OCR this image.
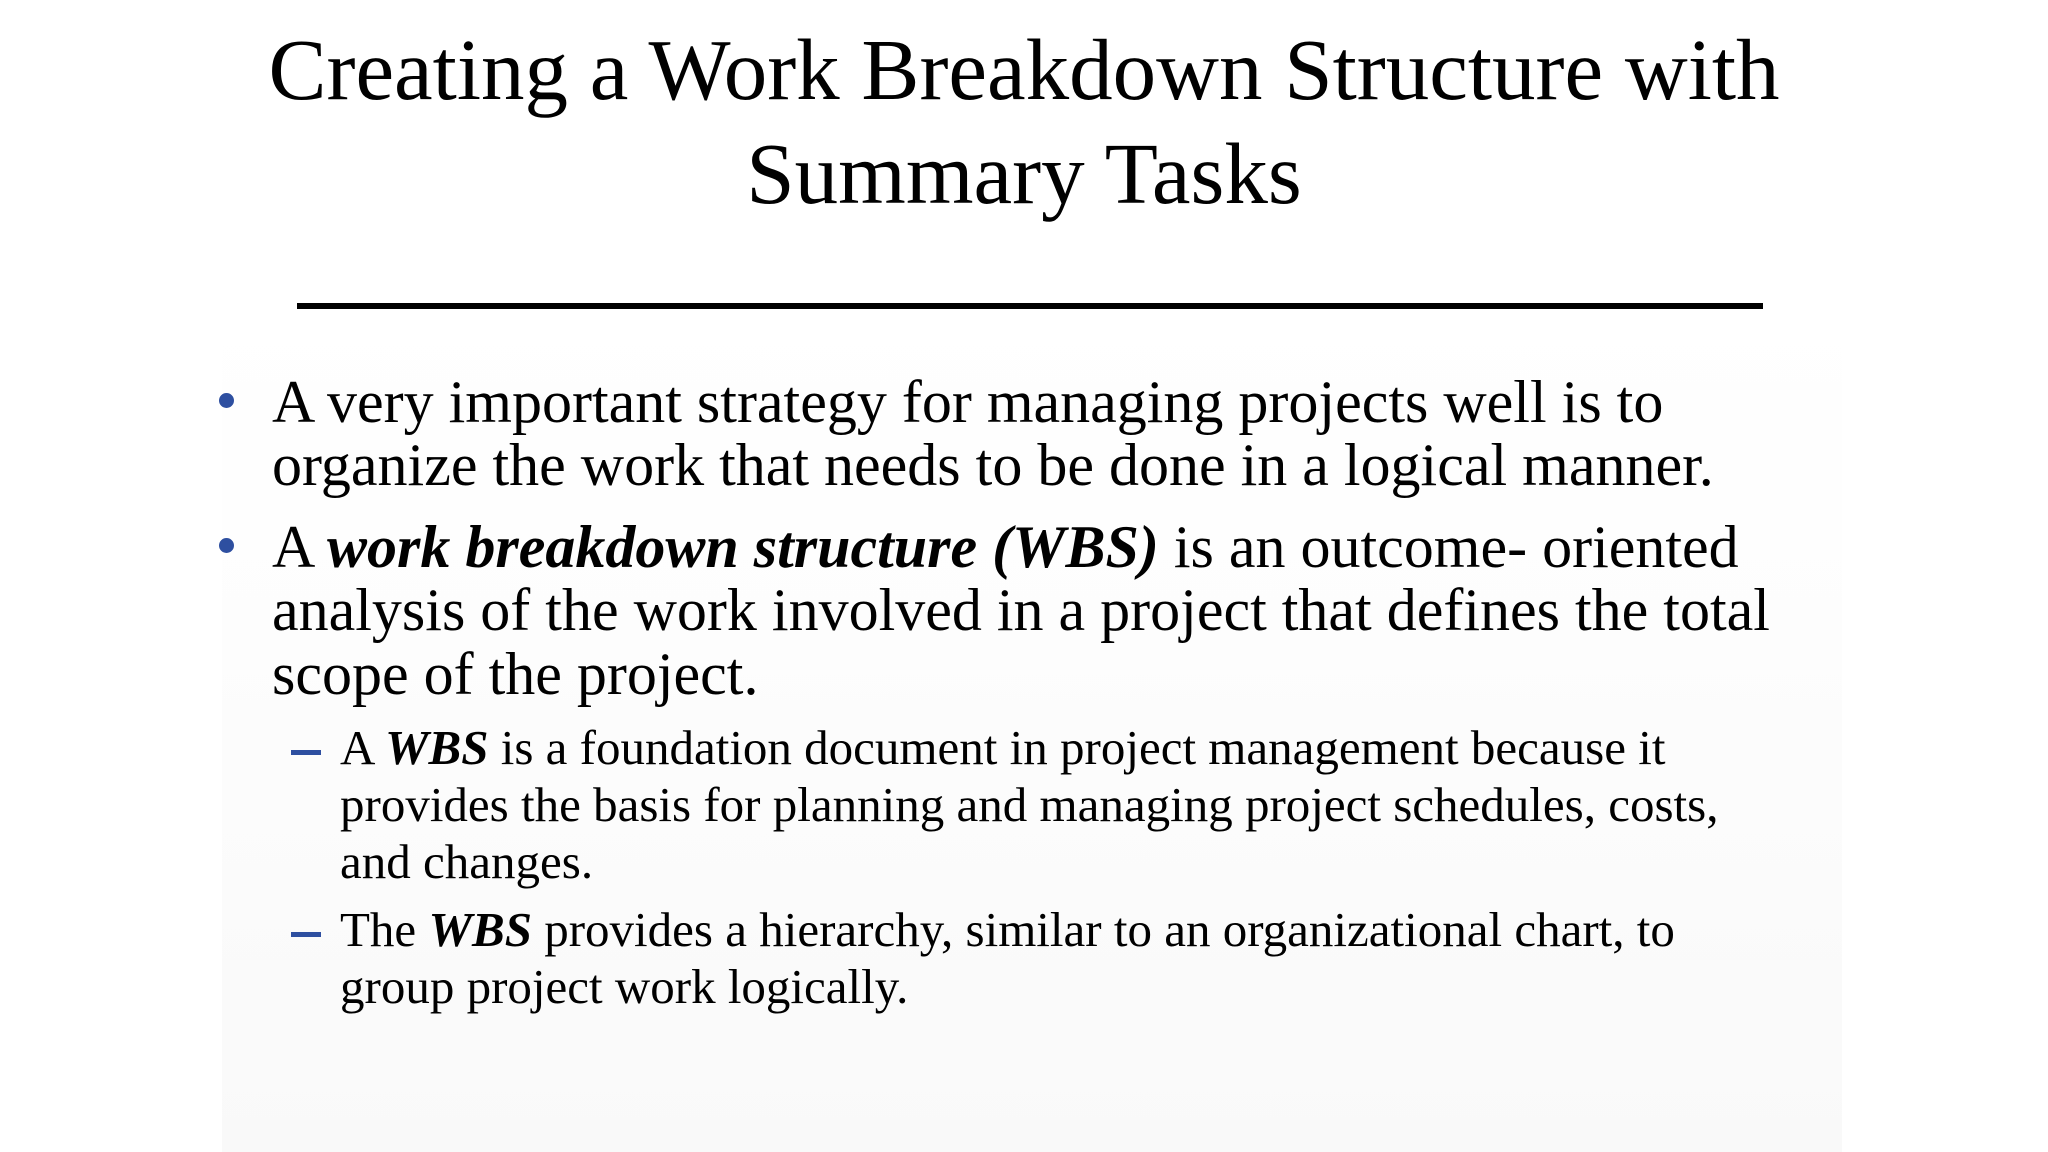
Creating a Work Breakdown Structure with
Summary Tasks
A very important strategy for managing projects well is to
organize the work that needs to be done in a logical manner.
A work breakdown structure (WBS) is an outcome- oriented
analysis of the work involved in a project that defines the total
scope of the project.
A WBS is a foundation document in project management because it
provides the basis for planning and managing project schedules, costs,
and changes.
The WBS provides a hierarchy, similar to an organizational chart, to
group project work logically.
